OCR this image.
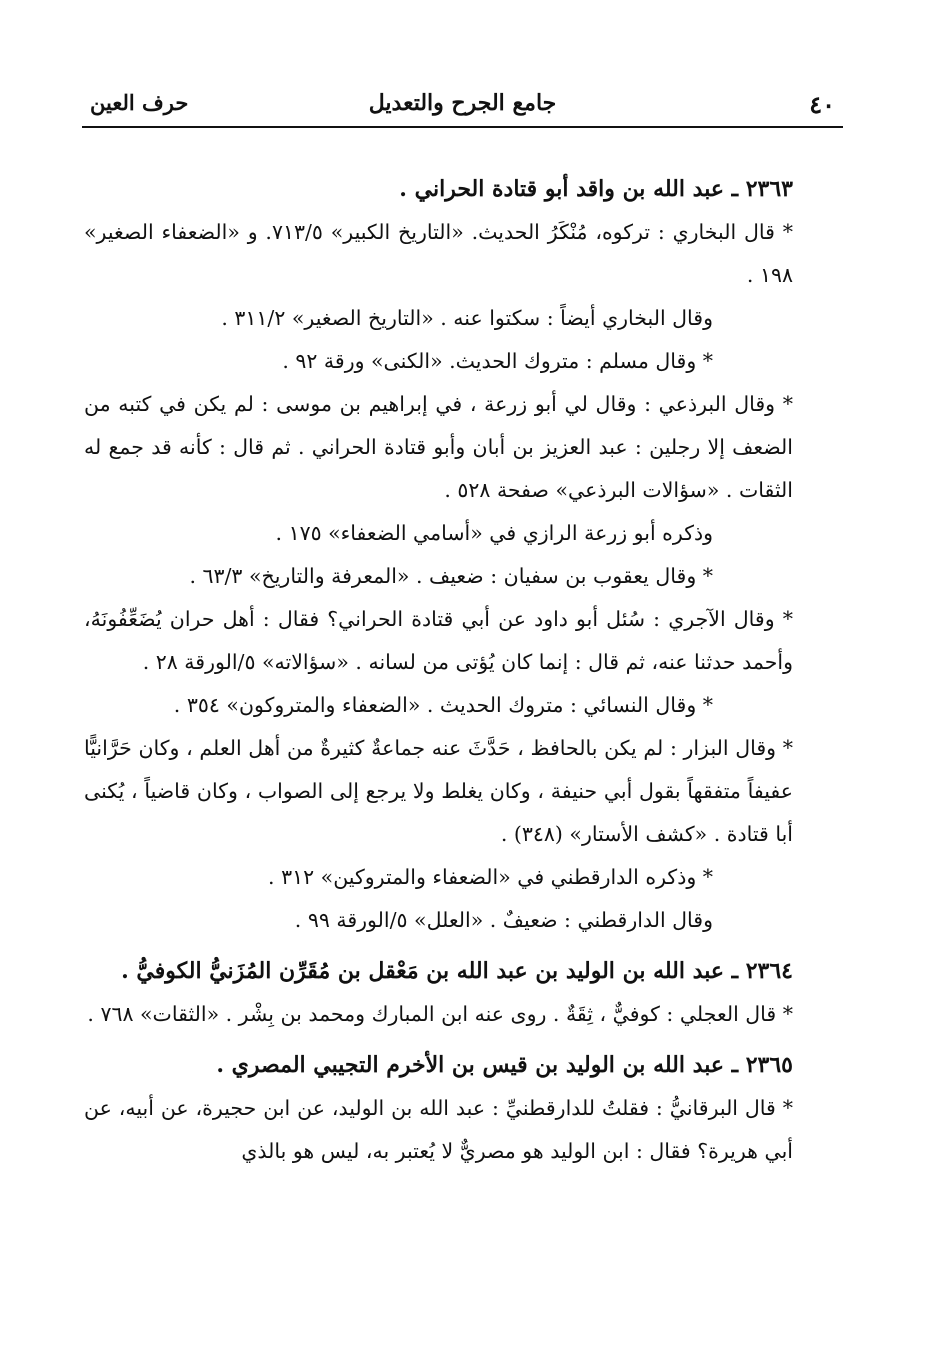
٤٠
جامع الجرح والتعديل
حرف العين

٢٣٦٣ ـ عبد الله بن واقد أبو قتادة الحراني .

* قال البخاري : تركوه، مُنْكَرُ الحديث. «التاريخ الكبير» ٧١٣/٥. و «الضعفاء الصغير» ١٩٨ .

وقال البخاري أيضاً : سكتوا عنه . «التاريخ الصغير» ٣١١/٢ .

* وقال مسلم : متروك الحديث. «الكنى» ورقة ٩٢ .

* وقال البرذعي : وقال لي أبو زرعة ، في إبراهيم بن موسى : لم يكن في كتبه من الضعف إلا رجلين : عبد العزيز بن أبان وأبو قتادة الحراني . ثم قال : كأنه قد جمع له الثقات . «سؤالات البرذعي» صفحة ٥٢٨ .

وذكره أبو زرعة الرازي في «أسامي الضعفاء» ١٧٥ .

* وقال يعقوب بن سفيان : ضعيف . «المعرفة والتاريخ» ٦٣/٣ .

* وقال الآجري : سُئل أبو داود عن أبي قتادة الحراني؟ فقال : أهل حران يُضَعِّفُونَهُ، وأحمد حدثنا عنه، ثم قال : إنما كان يُؤتى من لسانه . «سؤالاته» ٥/الورقة ٢٨ .

* وقال النسائي : متروك الحديث . «الضعفاء والمتروكون» ٣٥٤ .

* وقال البزار : لم يكن بالحافظ ، حَدَّثَ عنه جماعةٌ كثيرةٌ من أهل العلم ، وكان حَرَّانيًّا عفيفاً متفقهاً بقول أبي حنيفة ، وكان يغلط ولا يرجع إلى الصواب ، وكان قاضياً ، يُكنى أبا قتادة . «كشف الأستار» (٣٤٨) .

* وذكره الدارقطني في «الضعفاء والمتروكين» ٣١٢ .

وقال الدارقطني : ضعيفٌ . «العلل» ٥/الورقة ٩٩ .

٢٣٦٤ ـ عبد الله بن الوليد بن عبد الله بن مَعْقل بن مُقَرِّن المُزَنيُّ الكوفيُّ .

* قال العجلي : كوفيٌّ ، ثِقَةٌ . روى عنه ابن المبارك ومحمد بن بِشْر . «الثقات» ٧٦٨ .

٢٣٦٥ ـ عبد الله بن الوليد بن قيس بن الأخرم التجيبي المصري .

* قال البرقانيُّ : فقلتُ للدارقطنيِّ : عبد الله بن الوليد، عن ابن حجيرة، عن أبيه، عن أبي هريرة؟ فقال : ابن الوليد هو مصريٌّ لا يُعتبر به، ليس هو بالذي
